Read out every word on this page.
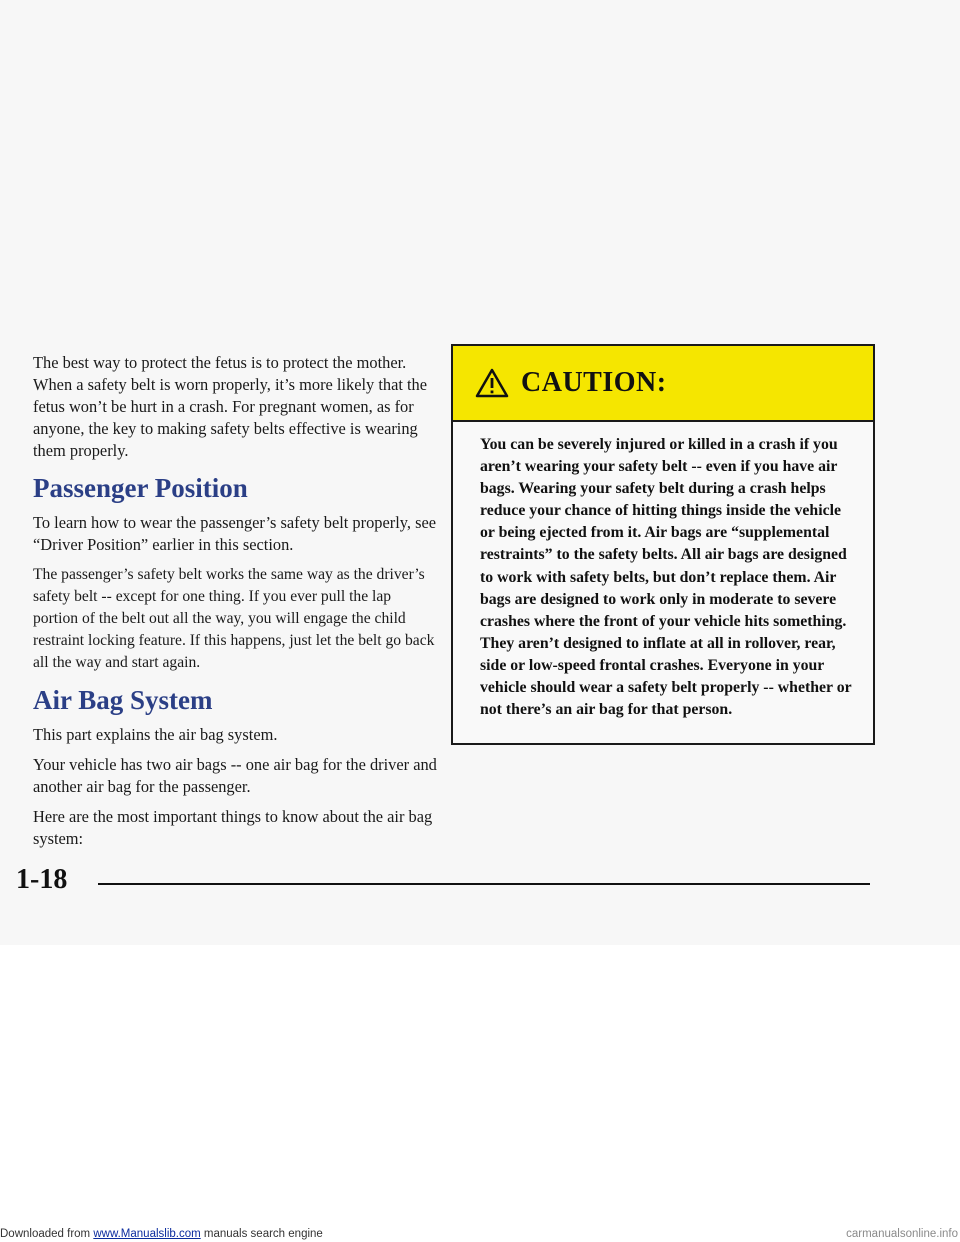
The best way to protect the fetus is to protect the mother. When a safety belt is worn properly, it’s more likely that the fetus won’t be hurt in a crash. For pregnant women, as for anyone, the key to making safety belts effective is wearing them properly.

Passenger Position

To learn how to wear the passenger’s safety belt properly, see “Driver Position” earlier in this section.

The passenger’s safety belt works the same way as the driver’s safety belt -- except for one thing. If you ever pull the lap portion of the belt out all the way, you will engage the child restraint locking feature. If this happens, just let the belt go back all the way and start again.

Air Bag System

This part explains the air bag system.

Your vehicle has two air bags -- one air bag for the driver and another air bag for the passenger.

Here are the most important things to know about the air bag system:

CAUTION:

You can be severely injured or killed in a crash if you aren’t wearing your safety belt -- even if you have air bags. Wearing your safety belt during a crash helps reduce your chance of hitting things inside the vehicle or being ejected from it. Air bags are “supplemental restraints” to the safety belts. All air bags are designed to work with safety belts, but don’t replace them. Air bags are designed to work only in moderate to severe crashes where the front of your vehicle hits something. They aren’t designed to inflate at all in rollover, rear, side or low-speed frontal crashes. Everyone in your vehicle should wear a safety belt properly -- whether or not there’s an air bag for that person.

1-18
Downloaded from www.Manualslib.com manuals search engine	carmanualsonline.info
